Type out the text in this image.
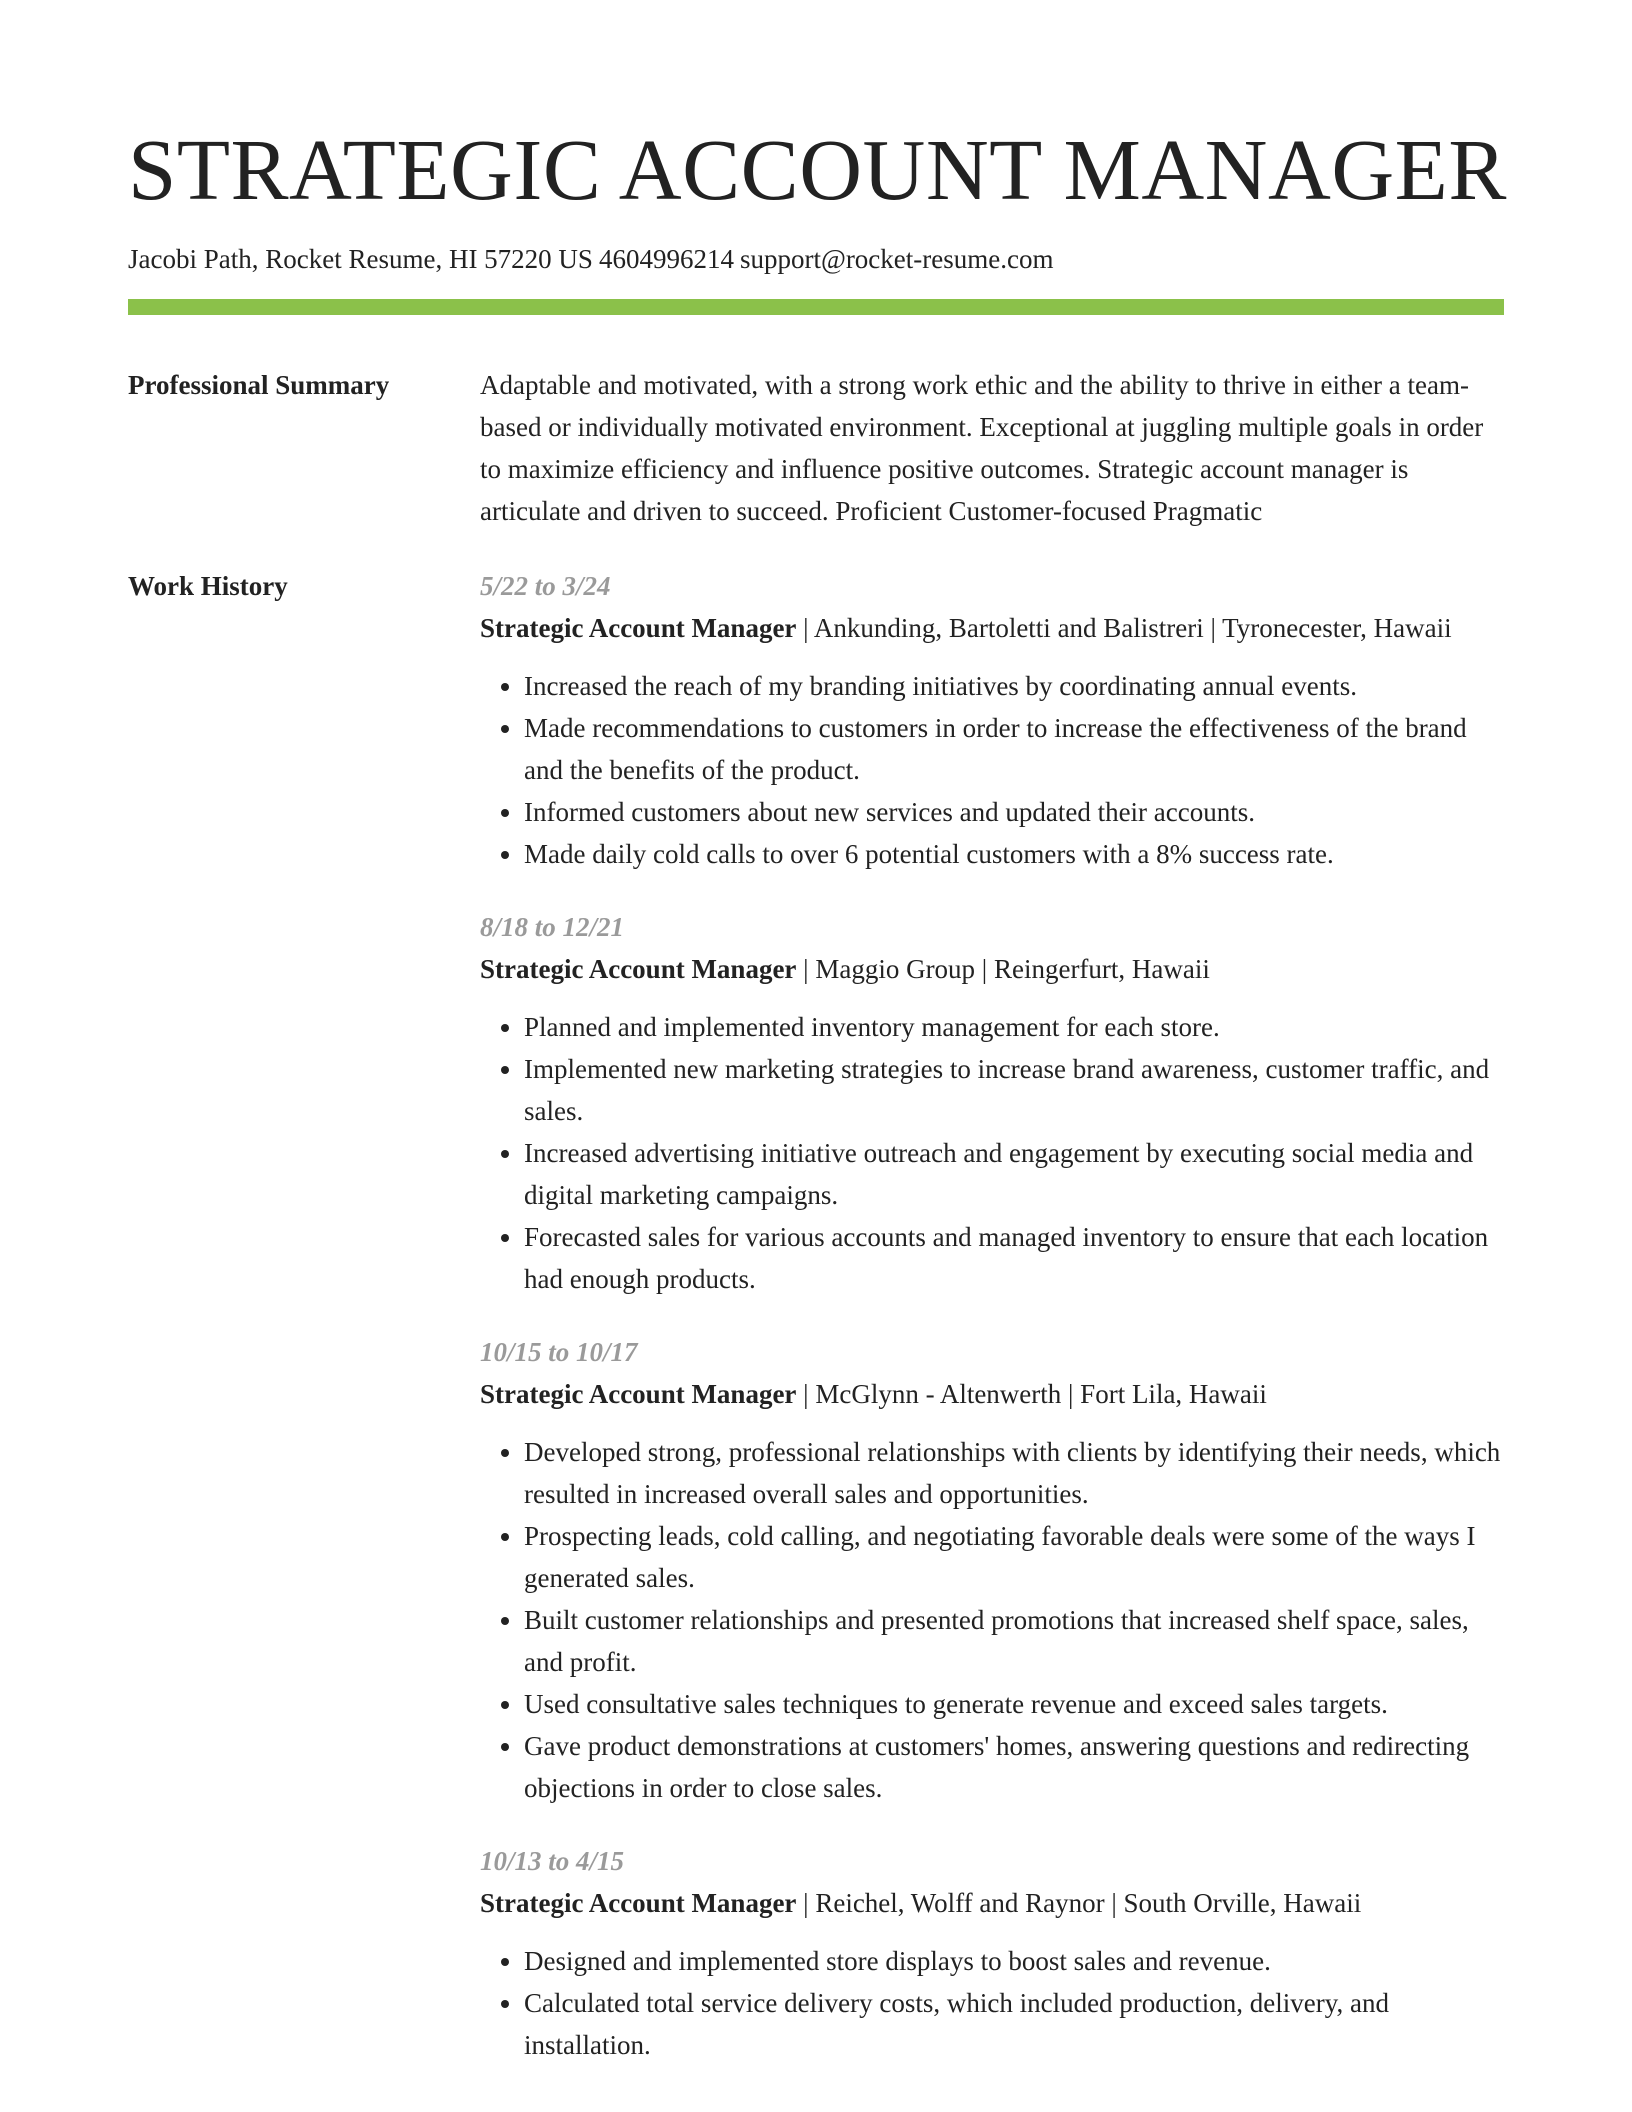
STRATEGIC ACCOUNT MANAGER
Jacobi Path, Rocket Resume, HI 57220 US 4604996214 support@rocket-resume.com
Professional Summary	Adaptable and motivated, with a strong work ethic and the ability to thrive in either a team-based or individually motivated environment. Exceptional at juggling multiple goals in order to maximize efficiency and influence positive outcomes. Strategic account manager is articulate and driven to succeed. Proficient Customer-focused Pragmatic
Work History	5/22 to 3/24
Strategic Account Manager | Ankunding, Bartoletti and Balistreri | Tyronecester, Hawaii
• Increased the reach of my branding initiatives by coordinating annual events.
• Made recommendations to customers in order to increase the effectiveness of the brand and the benefits of the product.
• Informed customers about new services and updated their accounts.
• Made daily cold calls to over 6 potential customers with a 8% success rate.
8/18 to 12/21
Strategic Account Manager | Maggio Group | Reingerfurt, Hawaii
• Planned and implemented inventory management for each store.
• Implemented new marketing strategies to increase brand awareness, customer traffic, and sales.
• Increased advertising initiative outreach and engagement by executing social media and digital marketing campaigns.
• Forecasted sales for various accounts and managed inventory to ensure that each location had enough products.
10/15 to 10/17
Strategic Account Manager | McGlynn - Altenwerth | Fort Lila, Hawaii
• Developed strong, professional relationships with clients by identifying their needs, which resulted in increased overall sales and opportunities.
• Prospecting leads, cold calling, and negotiating favorable deals were some of the ways I generated sales.
• Built customer relationships and presented promotions that increased shelf space, sales, and profit.
• Used consultative sales techniques to generate revenue and exceed sales targets.
• Gave product demonstrations at customers' homes, answering questions and redirecting objections in order to close sales.
10/13 to 4/15
Strategic Account Manager | Reichel, Wolff and Raynor | South Orville, Hawaii
• Designed and implemented store displays to boost sales and revenue.
• Calculated total service delivery costs, which included production, delivery, and installation.
